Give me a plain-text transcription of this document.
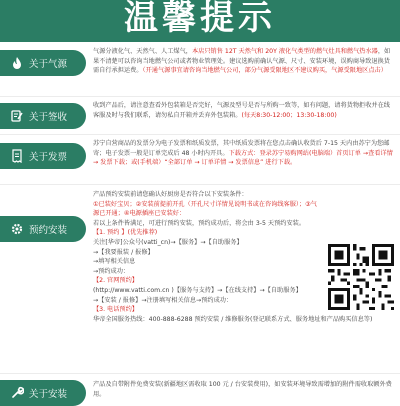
温馨提示
关于气源

气源分液化气、天然气、人工煤气，本店只销售 12T 天然气和 20Y 液化气类型的燃气灶具和燃气热水器，如果不清楚可以咨询当地燃气公司或者物业管理处。建议选购前确认气源、尺寸、安装环境，误购商导致退换货需自行承担运费。（开通气源事宜请咨询当地燃气公司，部分气源受限地区不建议购买，气源受限地区点击）

关于签收

收到产品后，请注意查看外包装箱是否完好，气源及型号是否与所购一致等，如有问题，请将货物拒收并在线客服及时与我们联系，请勿私自开箱并丢弃外包装箱。(每天8:30-12:00；13:30-18:00)

关于发票

苏宁自营商品的发票分为电子发票和纸质发票，其中纸质发票将在您点击确认收货后 7-15 天内由苏宁为您邮寄；电子发票一般是订单完成后 48 小时内开具。下载方式：登录苏宁易购网站(电脑端）首页订单 →查看详情 → 发票下载；或(手机端）“全部订单 → 订单详情 → 发票信息” 进行下载。

预约安装

产品预约安装前请您确认好厨房是否符合以下安装条件：

①已装好宝贝；②安装前提前开孔（开孔尺寸详情见说明书或在咨询线客服）；③气源已开通；④电源插座已安装好：

若以上条件皆满足，可进行预约安装，预约成功后，将会由 3-5 天预约安装。

【1. 预约 】(优先推荐)

关注[华帝]公众号(vatti_cn)→【服务】→【自助服务】

→【我要报装 / 报修】

→填写相关信息

→预约成功：

【2. 官网预约】

(http://www.vatti.com.cn )【服务与支持】→【在线支持】→【自助服务】

→【安装 / 报修】→注册填写相关信息→预约成功：

【3. 电话预约】

华帝全国服务热线：400-888-6288 预约安装 / 维修服务(登记联系方式、服务地址和产品购买信息等)

关于安装

产品及自带附件免费安装(新疆地区需收取 100 元 / 台安装费用)，如安装环境导致需增加的附件需收取额外费用。
